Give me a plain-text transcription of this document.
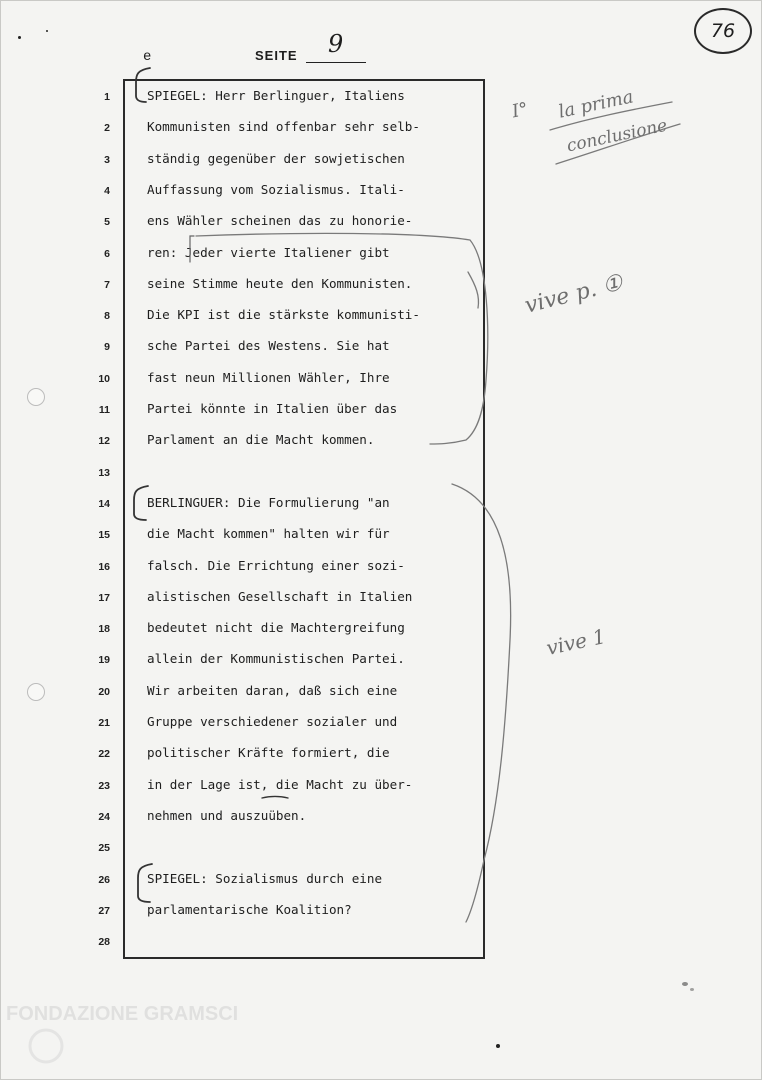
e	SEITE 9	76
1	SPIEGEL: Herr Berlinguer, Italiens
2	Kommunisten sind offenbar sehr selb-
3	ständig gegenüber der sowjetischen
4	Auffassung vom Sozialismus. Itali-
5	ens Wähler scheinen das zu honorie-
6	ren: Jeder vierte Italiener gibt
7	seine Stimme heute den Kommunisten.
8	Die KPI ist die stärkste kommunisti-
9	sche Partei des Westens. Sie hat
10	fast neun Millionen Wähler, Ihre
11	Partei könnte in Italien über das
12	Parlament an die Macht kommen.
13
14	BERLINGUER: Die Formulierung "an
15	die Macht kommen" halten wir für
16	falsch. Die Errichtung einer sozi-
17	alistischen Gesellschaft in Italien
18	bedeutet nicht die Machtergreifung
19	allein der Kommunistischen Partei.
20	Wir arbeiten daran, daß sich eine
21	Gruppe verschiedener sozialer und
22	politischer Kräfte formiert, die
23	in der Lage ist, die Macht zu über-
24	nehmen und auszuüben.
25
26	SPIEGEL: Sozialismus durch eine
27	parlamentarische Koalition?
28
I° la prima
conclusione
vive p. ①
vive 1
FONDAZIONE GRAMSCI
